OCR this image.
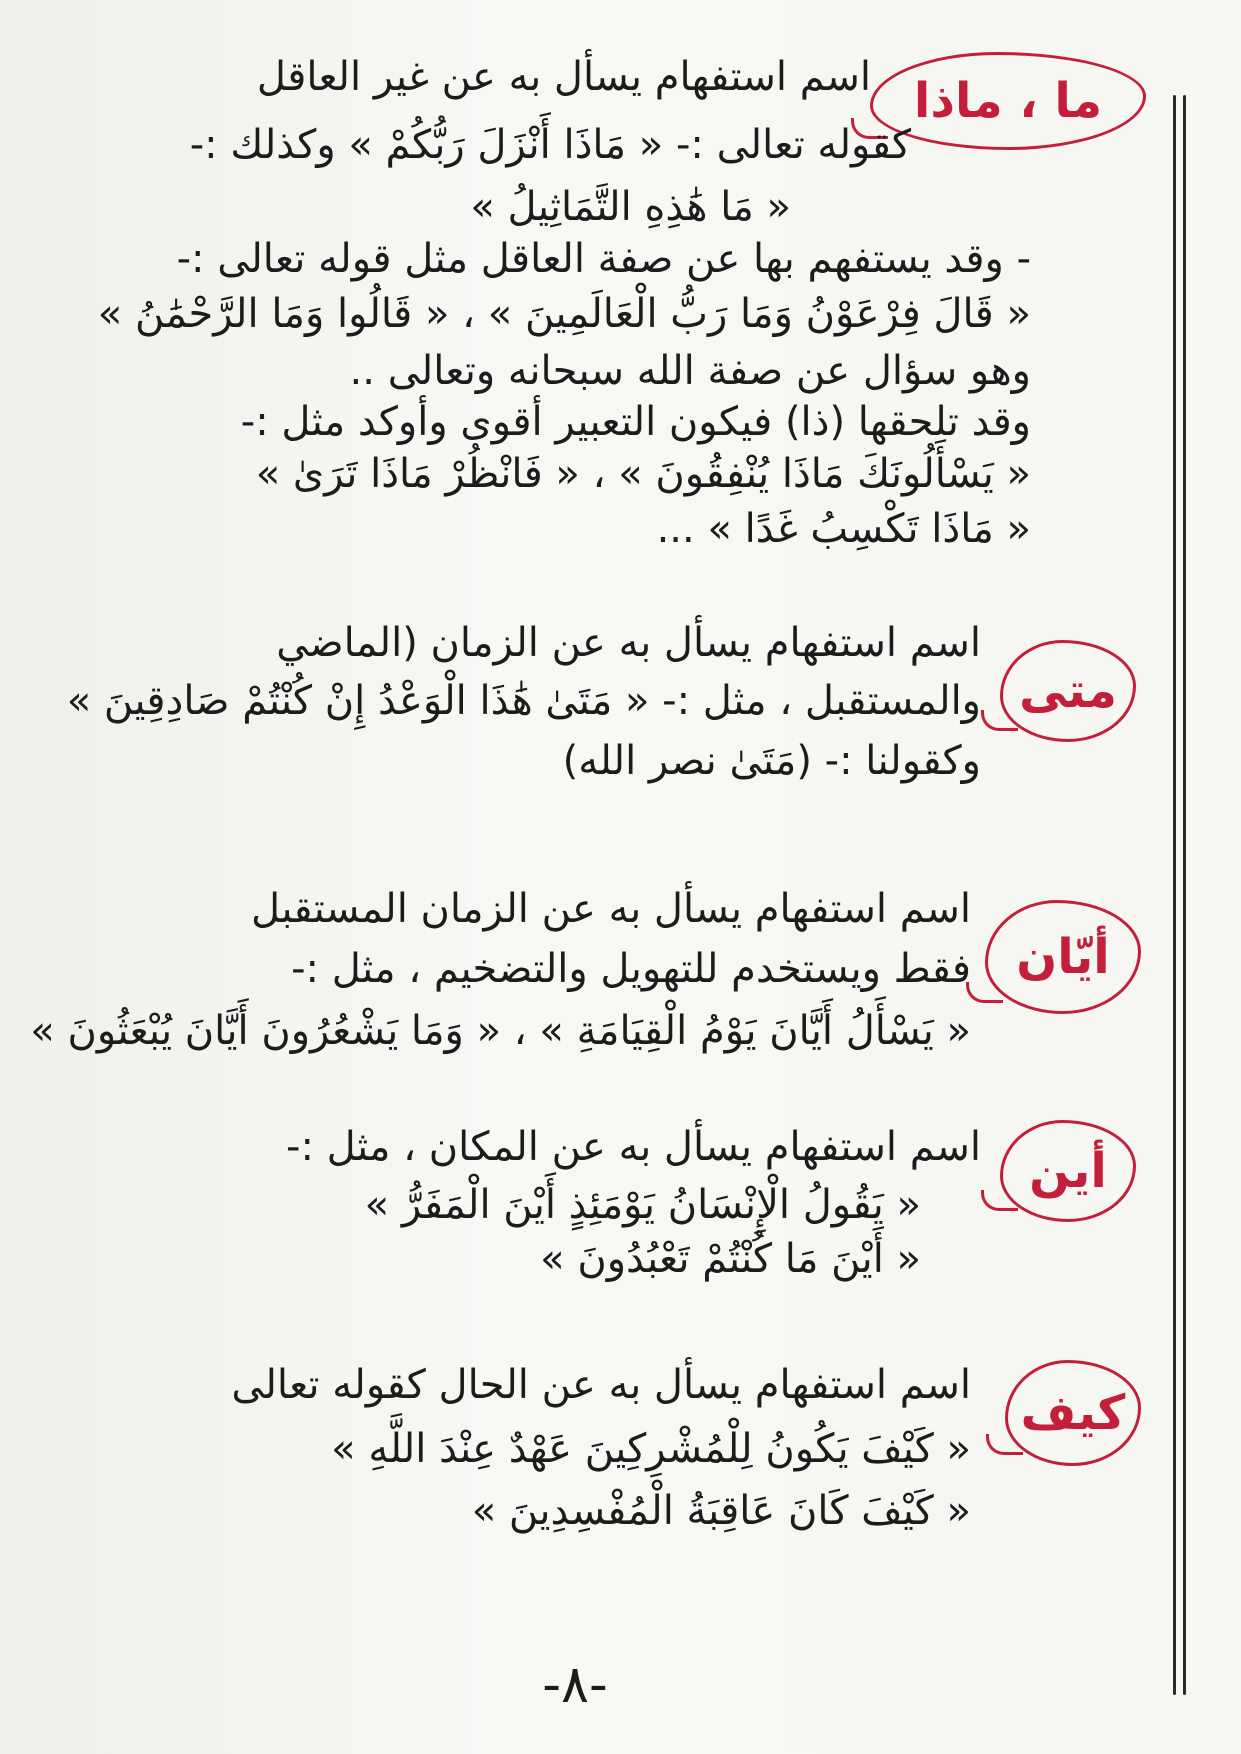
ما ، ماذا
اسم استفهام يسأل به عن غير العاقل
كقوله تعالى :- « مَاذَا أَنْزَلَ رَبُّكُمْ » وكذلك :-
« مَا هَٰذِهِ التَّمَاثِيلُ »
- وقد يستفهم بها عن صفة العاقل مثل قوله تعالى :-
« قَالَ فِرْعَوْنُ وَمَا رَبُّ الْعَالَمِينَ » ، « قَالُوا وَمَا الرَّحْمَٰنُ »
وهو سؤال عن صفة الله سبحانه وتعالى ..
وقد تلحقها (ذا) فيكون التعبير أقوى وأوكد مثل :-
« يَسْأَلُونَكَ مَاذَا يُنْفِقُونَ » ، « فَانْظُرْ مَاذَا تَرَىٰ »
« مَاذَا تَكْسِبُ غَدًا » ...
متى
اسم استفهام يسأل به عن الزمان (الماضي
والمستقبل ، مثل :- « مَتَىٰ هَٰذَا الْوَعْدُ إِنْ كُنْتُمْ صَادِقِينَ »
وكقولنا :- (مَتَىٰ نصر الله)
أيّان
اسم استفهام يسأل به عن الزمان المستقبل
فقط ويستخدم للتهويل والتضخيم ، مثل :-
« يَسْأَلُ أَيَّانَ يَوْمُ الْقِيَامَةِ » ، « وَمَا يَشْعُرُونَ أَيَّانَ يُبْعَثُونَ »
أين
اسم استفهام يسأل به عن المكان ، مثل :-
« يَقُولُ الْإِنْسَانُ يَوْمَئِذٍ أَيْنَ الْمَفَرُّ »
« أَيْنَ مَا كُنْتُمْ تَعْبُدُونَ »
كيف
اسم استفهام يسأل به عن الحال كقوله تعالى
« كَيْفَ يَكُونُ لِلْمُشْرِكِينَ عَهْدٌ عِنْدَ اللَّهِ »
« كَيْفَ كَانَ عَاقِبَةُ الْمُفْسِدِينَ »
-٨-
